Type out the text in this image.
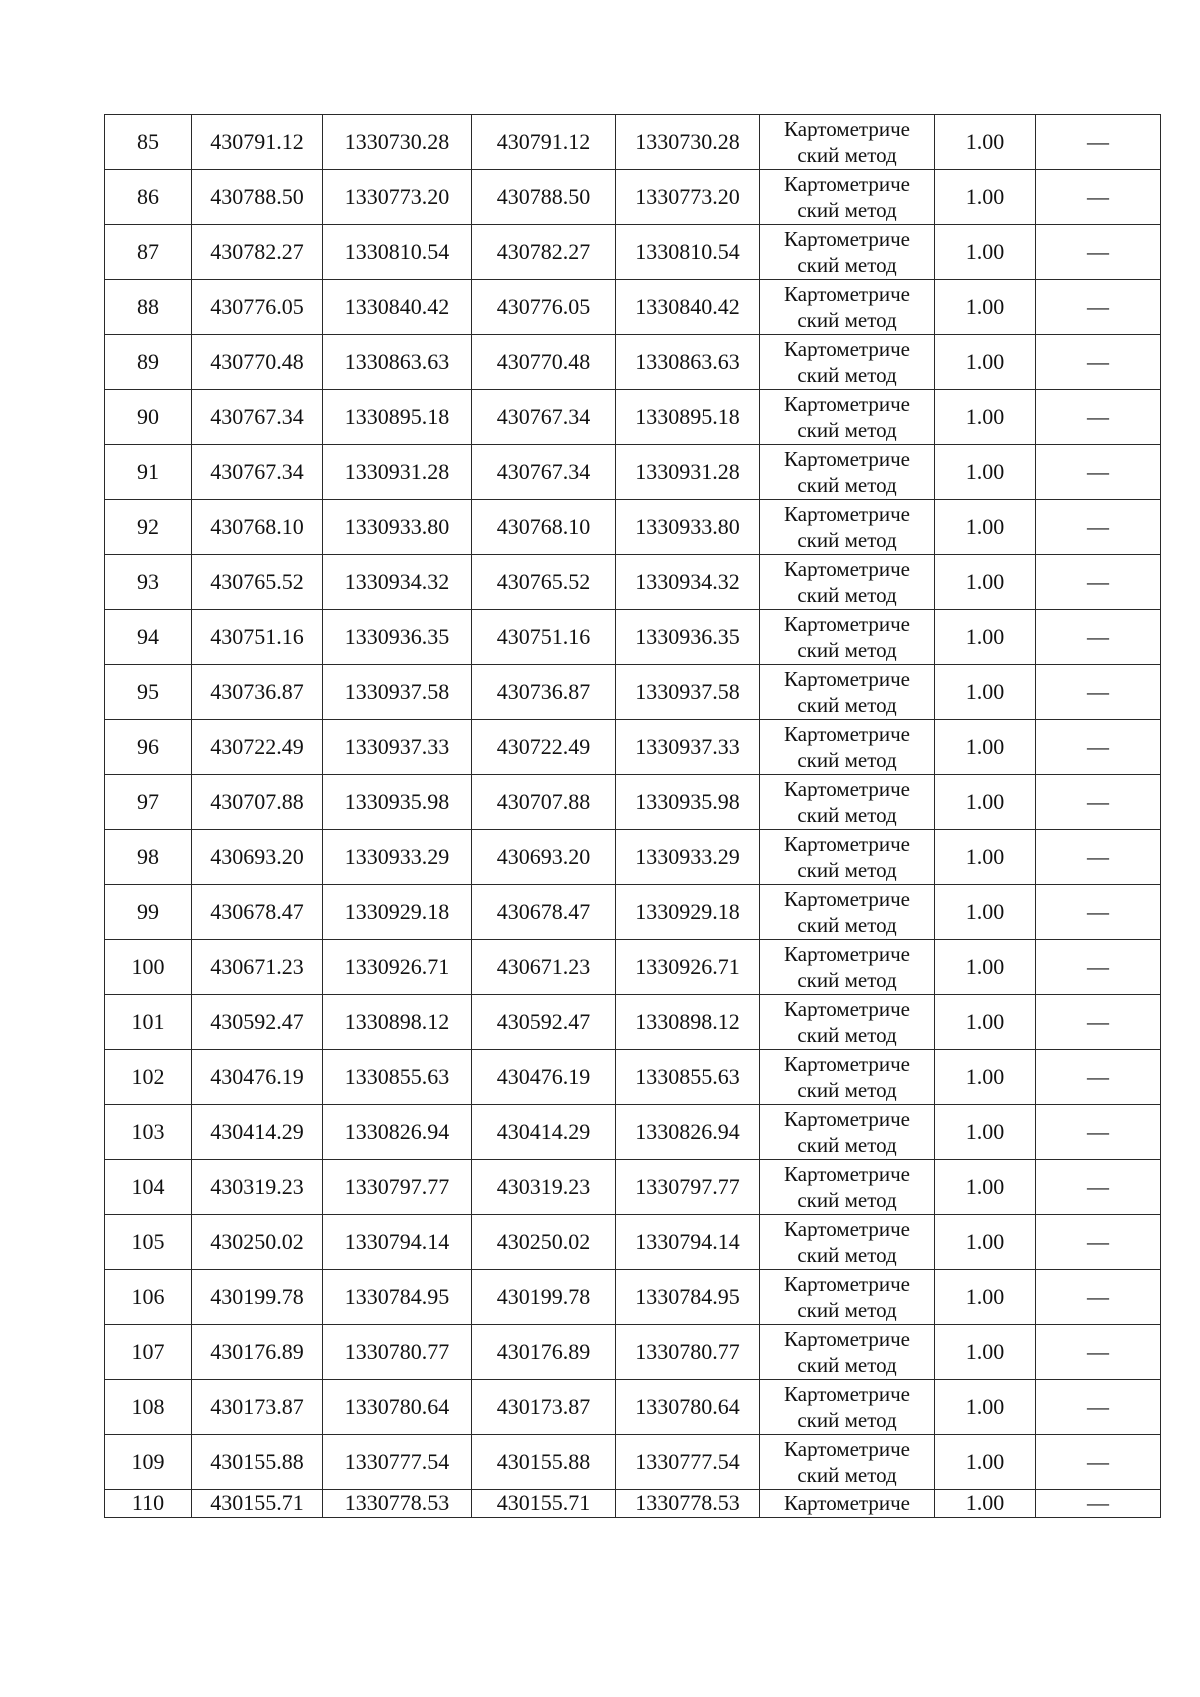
85	430791.12	1330730.28	430791.12	1330730.28	Картометриче
ский метод	1.00	—
86	430788.50	1330773.20	430788.50	1330773.20	Картометриче
ский метод	1.00	—
87	430782.27	1330810.54	430782.27	1330810.54	Картометриче
ский метод	1.00	—
88	430776.05	1330840.42	430776.05	1330840.42	Картометриче
ский метод	1.00	—
89	430770.48	1330863.63	430770.48	1330863.63	Картометриче
ский метод	1.00	—
90	430767.34	1330895.18	430767.34	1330895.18	Картометриче
ский метод	1.00	—
91	430767.34	1330931.28	430767.34	1330931.28	Картометриче
ский метод	1.00	—
92	430768.10	1330933.80	430768.10	1330933.80	Картометриче
ский метод	1.00	—
93	430765.52	1330934.32	430765.52	1330934.32	Картометриче
ский метод	1.00	—
94	430751.16	1330936.35	430751.16	1330936.35	Картометриче
ский метод	1.00	—
95	430736.87	1330937.58	430736.87	1330937.58	Картометриче
ский метод	1.00	—
96	430722.49	1330937.33	430722.49	1330937.33	Картометриче
ский метод	1.00	—
97	430707.88	1330935.98	430707.88	1330935.98	Картометриче
ский метод	1.00	—
98	430693.20	1330933.29	430693.20	1330933.29	Картометриче
ский метод	1.00	—
99	430678.47	1330929.18	430678.47	1330929.18	Картометриче
ский метод	1.00	—
100	430671.23	1330926.71	430671.23	1330926.71	Картометриче
ский метод	1.00	—
101	430592.47	1330898.12	430592.47	1330898.12	Картометриче
ский метод	1.00	—
102	430476.19	1330855.63	430476.19	1330855.63	Картометриче
ский метод	1.00	—
103	430414.29	1330826.94	430414.29	1330826.94	Картометриче
ский метод	1.00	—
104	430319.23	1330797.77	430319.23	1330797.77	Картометриче
ский метод	1.00	—
105	430250.02	1330794.14	430250.02	1330794.14	Картометриче
ский метод	1.00	—
106	430199.78	1330784.95	430199.78	1330784.95	Картометриче
ский метод	1.00	—
107	430176.89	1330780.77	430176.89	1330780.77	Картометриче
ский метод	1.00	—
108	430173.87	1330780.64	430173.87	1330780.64	Картометриче
ский метод	1.00	—
109	430155.88	1330777.54	430155.88	1330777.54	Картометриче
ский метод	1.00	—
110	430155.71	1330778.53	430155.71	1330778.53	Картометриче	1.00	—
